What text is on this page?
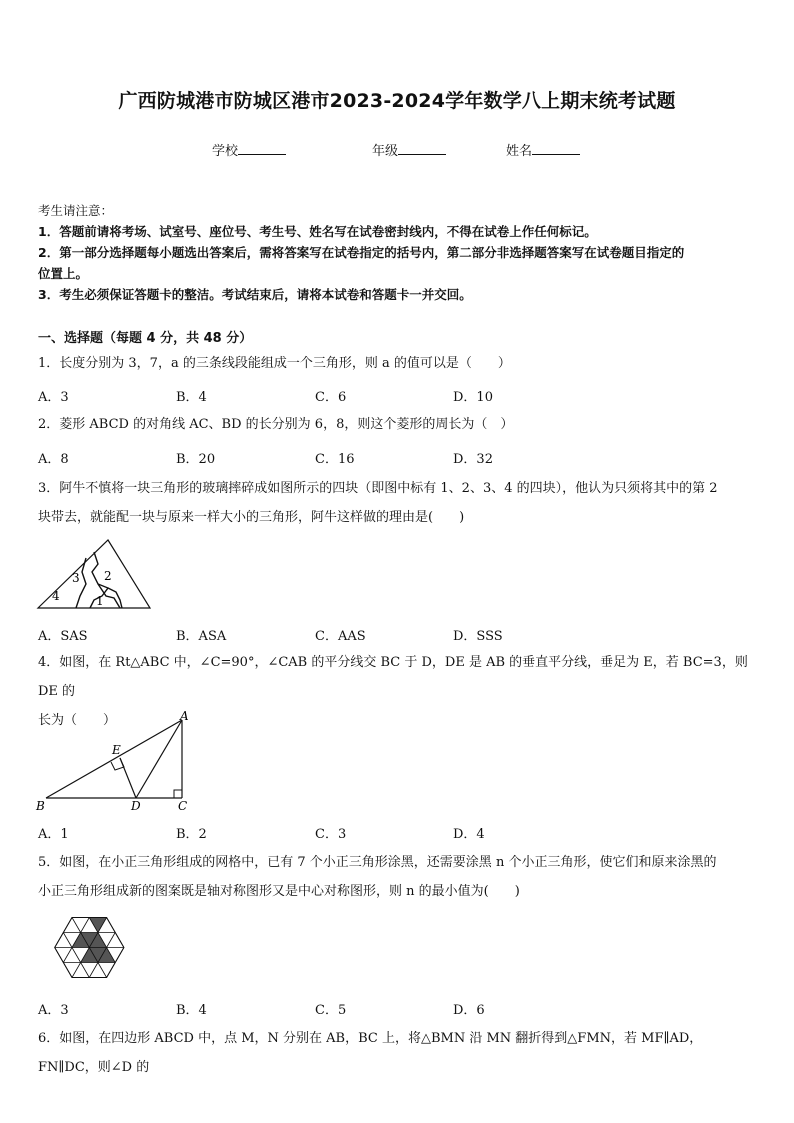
广西防城港市防城区港市2023-2024学年数学八上期末统考试题
学校	年级	姓名
考生请注意：
1．答题前请将考场、试室号、座位号、考生号、姓名写在试卷密封线内，不得在试卷上作任何标记。
2．第一部分选择题每小题选出答案后，需将答案写在试卷指定的括号内，第二部分非选择题答案写在试卷题目指定的
位置上。
3．考生必须保证答题卡的整洁。考试结束后，请将本试卷和答题卡一并交回。
一、选择题（每题 4 分，共 48 分）
1．长度分别为 3，7，a 的三条线段能组成一个三角形，则 a 的值可以是（　　）
A．3	B．4	C．6	D．10
2．菱形 ABCD 的对角线 AC、BD 的长分别为 6，8，则这个菱形的周长为（　）
A．8	B．20	C．16	D．32
3．阿牛不慎将一块三角形的玻璃摔碎成如图所示的四块（即图中标有 1、2、3、4 的四块），他认为只须将其中的第 2
块带去，就能配一块与原来一样大小的三角形，阿牛这样做的理由是(　　)
1
2
3
4
A．SAS	B．ASA	C．AAS	D．SSS
4．如图，在 Rt△ABC 中，∠C=90°，∠CAB 的平分线交 BC 于 D，DE 是 AB 的垂直平分线，垂足为 E，若 BC=3，则 DE 的
长为（　　）	A
B	C
D
E
A．1	B．2	C．3	D．4
5．如图，在小正三角形组成的网格中，已有 7 个小正三角形涂黑，还需要涂黑 n 个小正三角形，使它们和原来涂黑的
小正三角形组成新的图案既是轴对称图形又是中心对称图形，则 n 的最小值为(　　)
A．3	B．4	C．5	D．6
6．如图，在四边形 ABCD 中，点 M，N 分别在 AB，BC 上，将△BMN 沿 MN 翻折得到△FMN，若 MF∥AD，FN∥DC，则∠D 的
